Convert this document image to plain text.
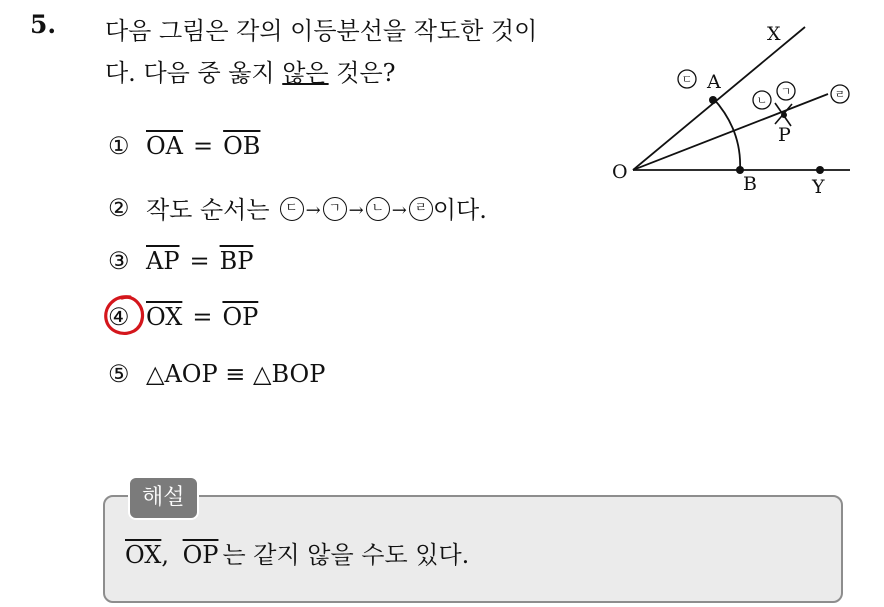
5. 다음 그림은 각의 이등분선을 작도한 것이
다. 다음 중 옳지 않은 것은?
① $\overline{OA} = \overline{OB}$
② 작도 순서는	ㄷ → ㄱ → ㄴ → ㄹ 이다.
③ $\overline{AP} = \overline{BP}$
④ $\overline{OX} = \overline{OP}$
⑤ △AOP ≡ △BOP
O
A
B
P
X
Y
ㄷ
ㄴ
ㄱ	ㄹ
해설
$\overline{OX}$, $\overline{OP}$ 는 같지 않을 수도 있다.
